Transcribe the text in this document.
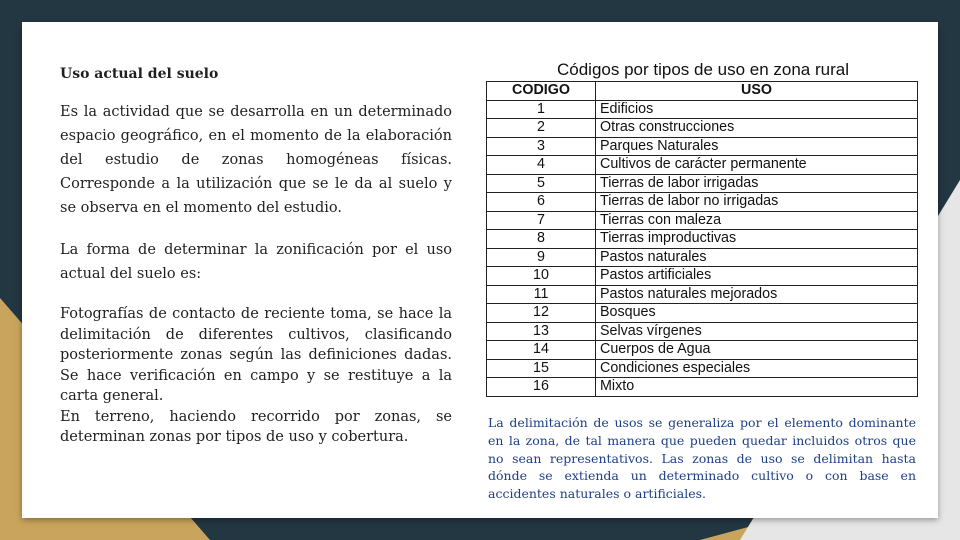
Uso actual del suelo

Es la actividad que se desarrolla en un determinado espacio geográfico, en el momento de la elaboración del estudio de zonas homogéneas físicas. Corresponde a la utilización que se le da al suelo y se observa en el momento del estudio.

La forma de determinar la zonificación por el uso actual del suelo es:

Fotografías de contacto de reciente toma, se hace la delimitación de diferentes cultivos, clasificando posteriormente zonas según las definiciones dadas. Se hace verificación en campo y se restituye a la carta general.

En terreno, haciendo recorrido por zonas, se determinan zonas por tipos de uso y cobertura.

Códigos por tipos de uso en zona rural
CODIGO	USO
1	Edificios
2	Otras construcciones
3	Parques Naturales
4	Cultivos de carácter permanente
5	Tierras de labor irrigadas
6	Tierras de labor no irrigadas
7	Tierras con maleza
8	Tierras improductivas
9	Pastos naturales
10	Pastos artificiales
11	Pastos naturales mejorados
12	Bosques
13	Selvas vírgenes
14	Cuerpos de Agua
15	Condiciones especiales
16	Mixto
La delimitación de usos se generaliza por el elemento dominante en la zona, de tal manera que pueden quedar incluidos otros que no sean representativos. Las zonas de uso se delimitan hasta dónde se extienda un determinado cultivo o con base en accidentes naturales o artificiales.
